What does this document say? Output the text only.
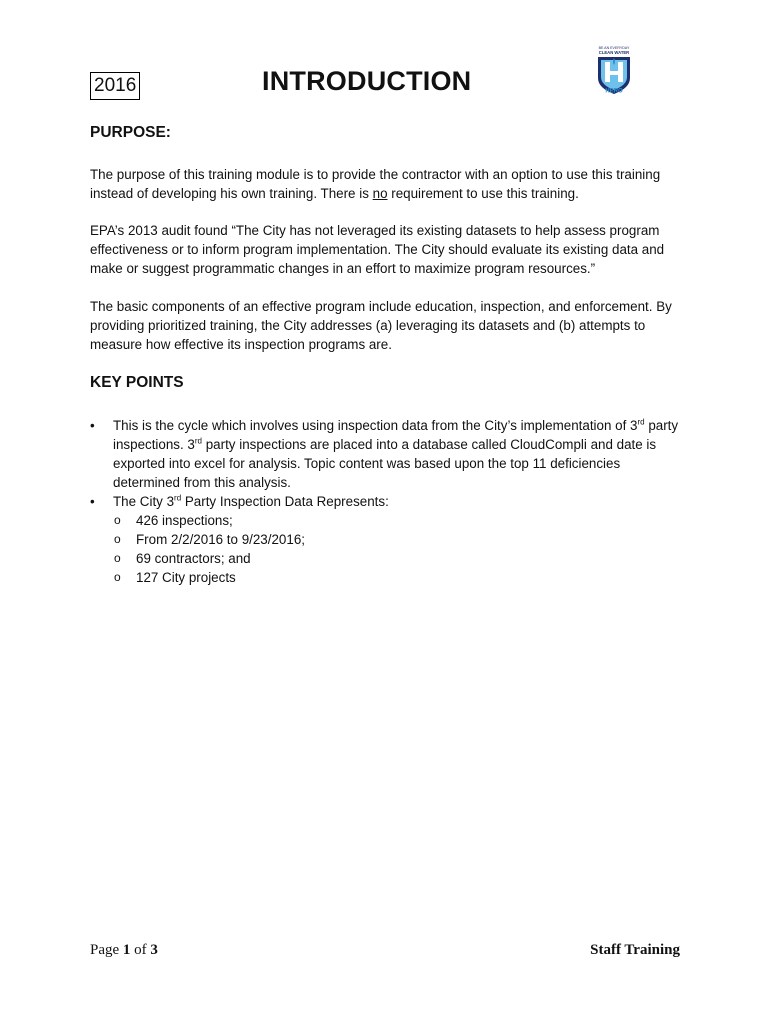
2016	INTRODUCTION
BE AN EVERYDAY
CLEAN WATER
HERO
PURPOSE:

The purpose of this training module is to provide the contractor with an option to use this training instead of developing his own training. There is no requirement to use this training.

EPA’s 2013 audit found “The City has not leveraged its existing datasets to help assess program effectiveness or to inform program implementation. The City should evaluate its existing data and make or suggest programmatic changes in an effort to maximize program resources.”

The basic components of an effective program include education, inspection, and enforcement. By providing prioritized training, the City addresses (a) leveraging its datasets and (b) attempts to measure how effective its inspection programs are.

KEY POINTS
•	This is the cycle which involves using inspection data from the City’s implementation of 3rd party inspections. 3rd party inspections are placed into a database called CloudCompli and date is exported into excel for analysis. Topic content was based upon the top 11 deficiencies determined from this analysis.
•	The City 3rd Party Inspection Data Represents:
o 426 inspections;
o From 2/2/2016 to 9/23/2016;
o 69 contractors; and
o 127 City projects
Page 1 of 3	Staff Training
